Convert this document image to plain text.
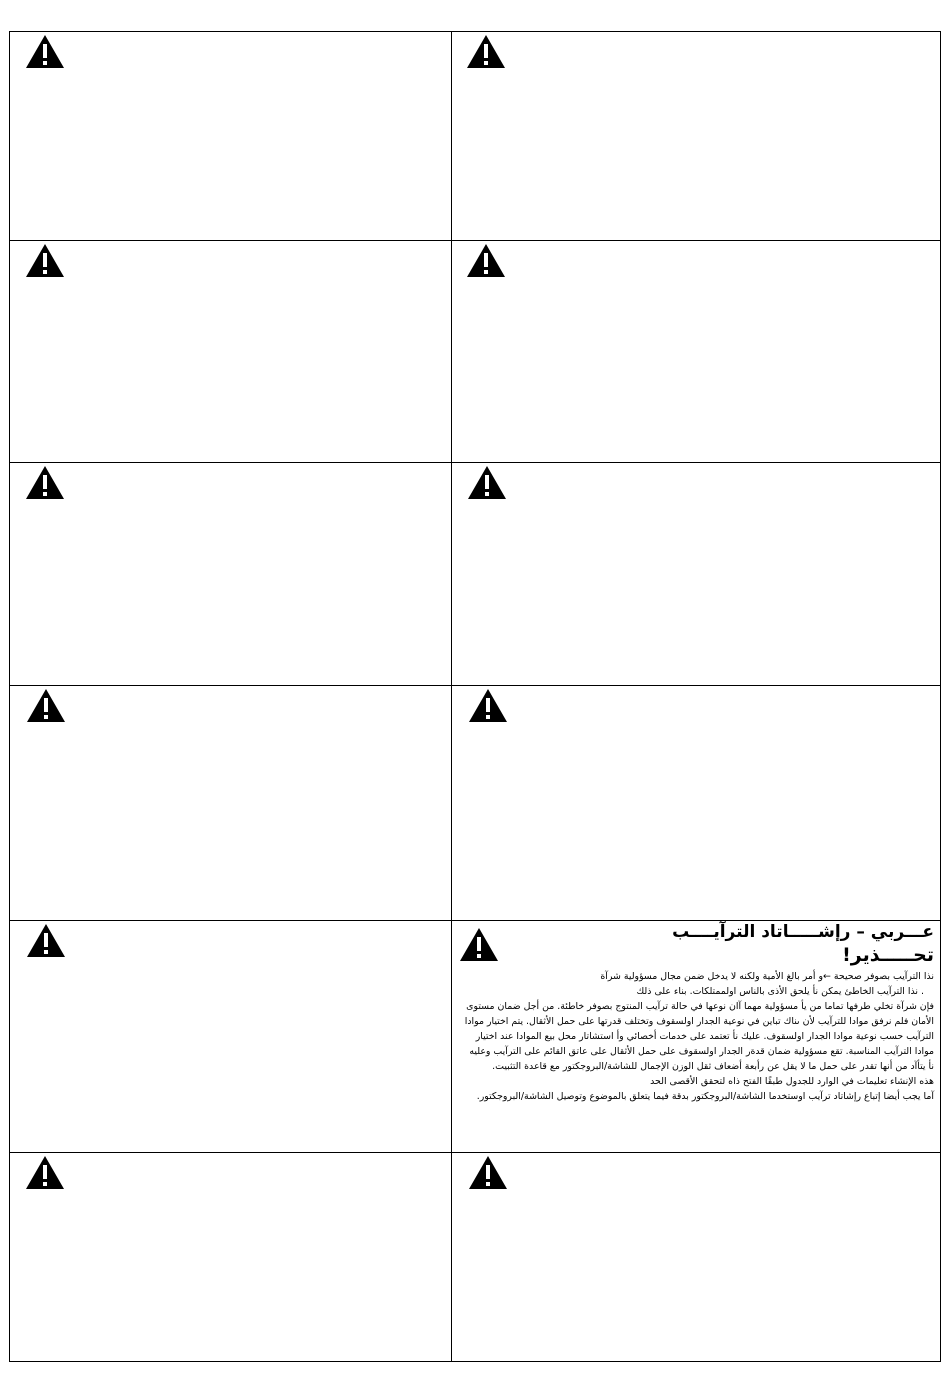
عـــربي – رإشـــــاتاد الترآيــــب
تحـــــذير!

نذا الترآيب بصوفر صحيحة ←و أمر بالغ الأمية ولكنه لا يدخل ضمن مجال مسؤولية شرآة

. نذا الترآيب الخاطئ يمكن نأ يلحق الأذى بالناس اولممتلكات. بناء على ذلك

فإن شرآة تخلي طرفها تماما من يأ مسؤولية مهما آان نوعها في حالة ترآيب المنتوج بصوفر خاطئة. من أجل ضمان مستوى الأمان فلم نرفق موادا للترآيب لأن ىناك تباين في نوعية الجدار اولسقوف وتختلف قدرتها على حمل الأثقال. يتم اختيار موادا الترآيب حسب نوعية موادا الجدار اولسقوف. عليك نأ تعتمد على خدمات أخصائي وأ استشاتار محل بيع الموادا عند اختيار موادا الترآيب المناسبة. تقع مسؤولية ضمان قدةر الجدار اولسقوف على حمل الأثقال على عاتق القائم على الترآيب وعليه نأ يتأآد من أنها تقدر على حمل ما لا يقل عن رأبعة أضعاف ثقل الوزن الإجمال للشاشة/البروجكتور مع قاعدة التثبيت.

هذه الإنشاء تعليمات في الوارد للجدول طبقًا الفتح ذاه لتحقق الأقصى الحد

آما يجب أيضا إتباع رإشاتاد ترآيب اوستخدما الشاشة/البروجكتور بدقة فيما يتعلق بالموضوع وتوصيل الشاشة/البروجكتور.
